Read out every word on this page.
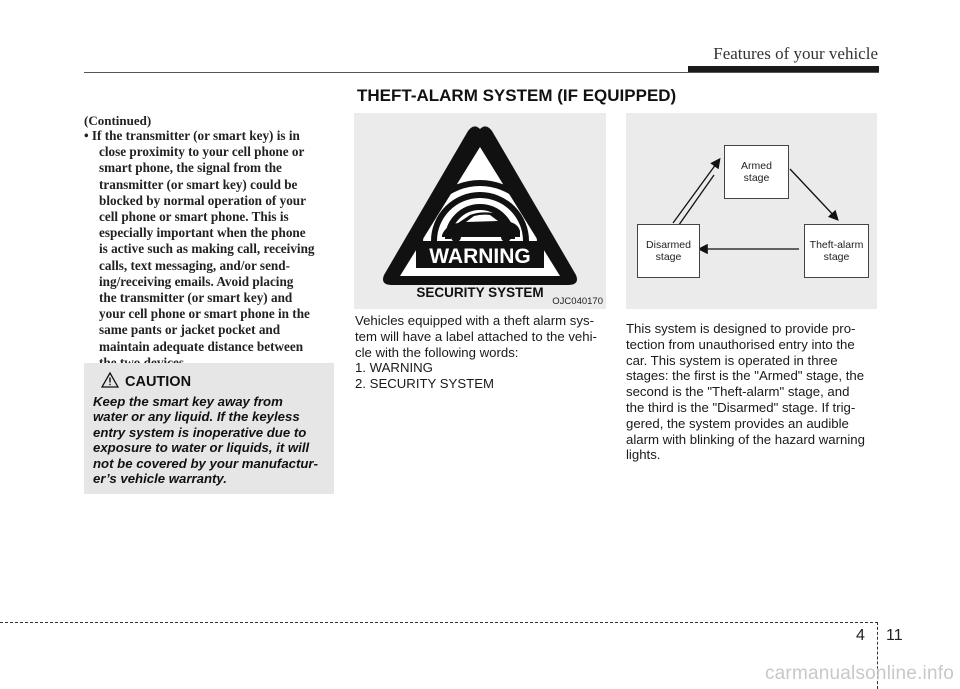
Features of your vehicle
THEFT-ALARM SYSTEM (IF EQUIPPED)
(Continued)
• If the transmitter (or smart key) is in
close proximity to your cell phone or
smart phone, the signal from the
transmitter (or smart key) could be
blocked by normal operation of your
cell phone or smart phone. This is
especially important when the phone
is active such as making call, receiving
calls, text messaging, and/or send-
ing/receiving emails. Avoid placing
the transmitter (or smart key) and
your cell phone or smart phone in the
same pants or jacket pocket and
maintain adequate distance between
CAUTION
Keep the smart key away from
water or any liquid. If the keyless
entry system is inoperative due to
exposure to water or liquids, it will
not be covered by your manufactur-
er’s vehicle warranty.
WARNING
SECURITY SYSTEM
OJC040170
Vehicles equipped with a theft alarm sys-
tem will have a label attached to the vehi-
cle with the following words:
1. WARNING
2. SECURITY SYSTEM
Armed
stage
Disarmed
stage
Theft-alarm
stage
This system is designed to provide pro-
tection from unauthorised entry into the
car. This system is operated in three
stages: the first is the "Armed" stage, the
second is the "Theft-alarm" stage, and
the third is the "Disarmed" stage. If trig-
gered, the system provides an audible
alarm with blinking of the hazard warning
lights.
4 11
carmanualsonline.info
